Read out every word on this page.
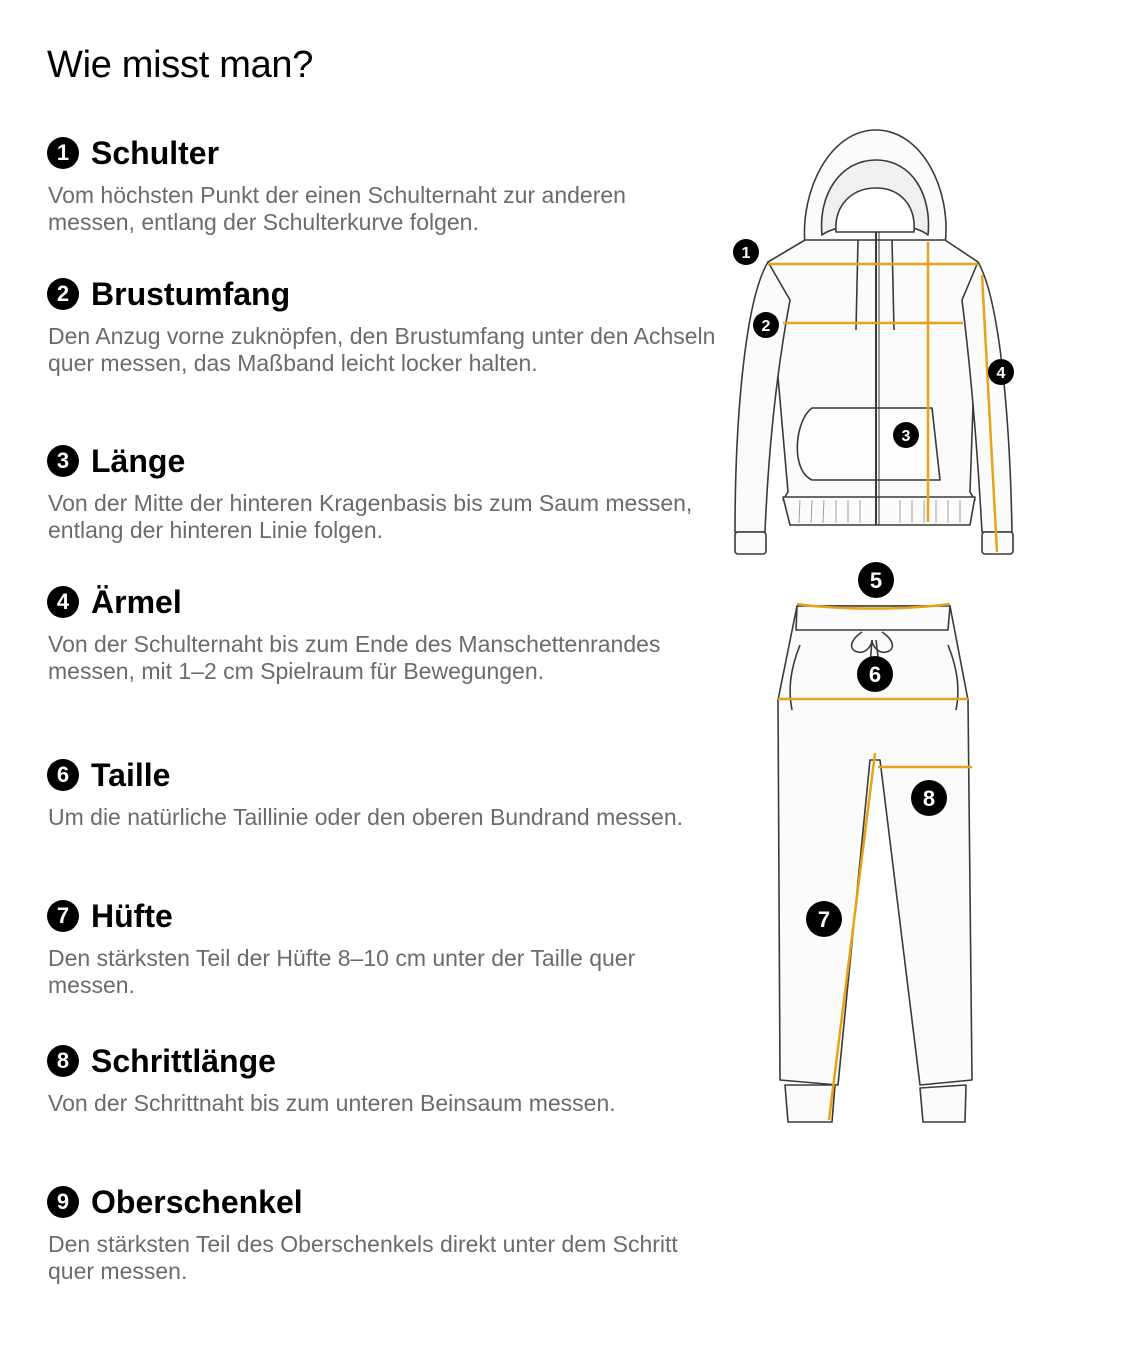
Wie misst man?
1 Schulter

Vom höchsten Punkt der einen Schulternaht zur anderen messen, entlang der Schulterkurve folgen.

2 Brustumfang

Den Anzug vorne zuknöpfen, den Brustumfang unter den Achseln quer messen, das Maßband leicht locker halten.

3 Länge

Von der Mitte der hinteren Kragenbasis bis zum Saum messen, entlang der hinteren Linie folgen.

4 Ärmel

Von der Schulternaht bis zum Ende des Manschettenrandes messen, mit 1–2 cm Spielraum für Bewegungen.

6 Taille

Um die natürliche Taillinie oder den oberen Bundrand messen.

7 Hüfte

Den stärksten Teil der Hüfte 8–10 cm unter der Taille quer messen.

8 Schrittlänge

Von der Schrittnaht bis zum unteren Beinsaum messen.

9 Oberschenkel

Den stärksten Teil des Oberschenkels direkt unter dem Schritt quer messen.

1
2
3
4
5
6
7
8
